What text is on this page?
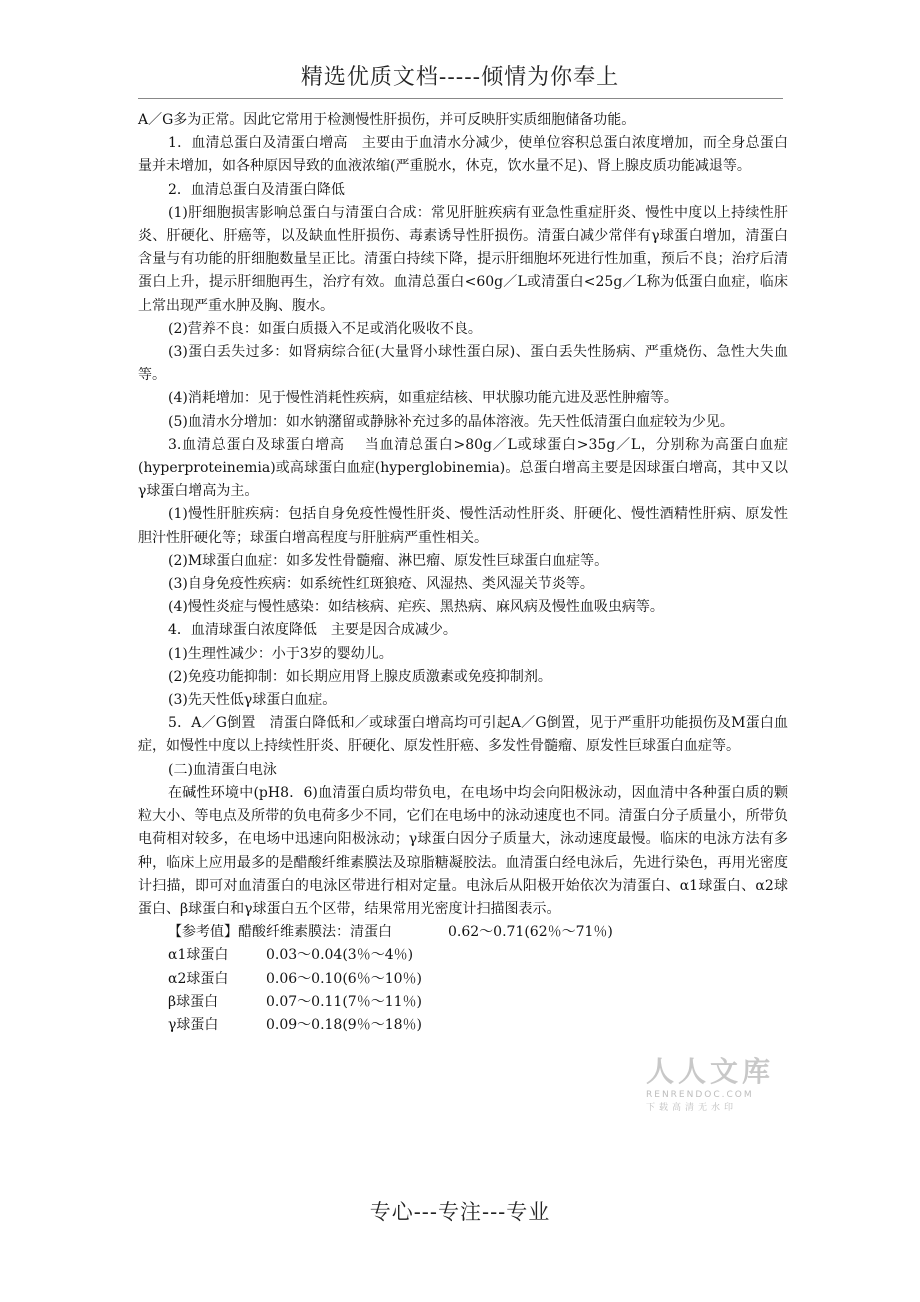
精选优质文档-----倾情为你奉上

A／G多为正常。因此它常用于检测慢性肝损伤，并可反映肝实质细胞储备功能。

1．血清总蛋白及清蛋白增高　主要由于血清水分减少，使单位容积总蛋白浓度增加，而全身总蛋白量并未增加，如各种原因导致的血液浓缩(严重脱水，休克，饮水量不足)、肾上腺皮质功能减退等。

2．血清总蛋白及清蛋白降低

(1)肝细胞损害影响总蛋白与清蛋白合成：常见肝脏疾病有亚急性重症肝炎、慢性中度以上持续性肝炎、肝硬化、肝癌等，以及缺血性肝损伤、毒素诱导性肝损伤。清蛋白减少常伴有γ球蛋白增加，清蛋白含量与有功能的肝细胞数量呈正比。清蛋白持续下降，提示肝细胞坏死进行性加重，预后不良；治疗后清蛋白上升，提示肝细胞再生，治疗有效。血清总蛋白<60g／L或清蛋白<25g／L称为低蛋白血症，临床上常出现严重水肿及胸、腹水。

(2)营养不良：如蛋白质摄入不足或消化吸收不良。

(3)蛋白丢失过多：如肾病综合征(大量肾小球性蛋白尿)、蛋白丢失性肠病、严重烧伤、急性大失血等。

(4)消耗增加：见于慢性消耗性疾病，如重症结核、甲状腺功能亢进及恶性肿瘤等。

(5)血清水分增加：如水钠潴留或静脉补充过多的晶体溶液。先天性低清蛋白血症较为少见。

3.血清总蛋白及球蛋白增高　 当血清总蛋白>80g／L或球蛋白>35g／L，分别称为高蛋白血症(hyperproteinemia)或高球蛋白血症(hyperglobinemia)。总蛋白增高主要是因球蛋白增高，其中又以γ球蛋白增高为主。

(1)慢性肝脏疾病：包括自身免疫性慢性肝炎、慢性活动性肝炎、肝硬化、慢性酒精性肝病、原发性胆汁性肝硬化等；球蛋白增高程度与肝脏病严重性相关。

(2)M球蛋白血症：如多发性骨髓瘤、淋巴瘤、原发性巨球蛋白血症等。

(3)自身免疫性疾病：如系统性红斑狼疮、风湿热、类风湿关节炎等。

(4)慢性炎症与慢性感染：如结核病、疟疾、黑热病、麻风病及慢性血吸虫病等。

4．血清球蛋白浓度降低　主要是因合成减少。

(1)生理性减少：小于3岁的婴幼儿。

(2)免疫功能抑制：如长期应用肾上腺皮质激素或免疫抑制剂。

(3)先天性低γ球蛋白血症。

5．A／G倒置　清蛋白降低和／或球蛋白增高均可引起A／G倒置，见于严重肝功能损伤及M蛋白血症，如慢性中度以上持续性肝炎、肝硬化、原发性肝癌、多发性骨髓瘤、原发性巨球蛋白血症等。

(二)血清蛋白电泳

在碱性环境中(pH8．6)血清蛋白质均带负电，在电场中均会向阳极泳动，因血清中各种蛋白质的颗粒大小、等电点及所带的负电荷多少不同，它们在电场中的泳动速度也不同。清蛋白分子质量小，所带负电荷相对较多，在电场中迅速向阳极泳动；γ球蛋白因分子质量大，泳动速度最慢。临床的电泳方法有多种，临床上应用最多的是醋酸纤维素膜法及琼脂糖凝胶法。血清蛋白经电泳后，先进行染色，再用光密度计扫描，即可对血清蛋白的电泳区带进行相对定量。电泳后从阳极开始依次为清蛋白、α1球蛋白、α2球蛋白、β球蛋白和γ球蛋白五个区带，结果常用光密度计扫描图表示。

【参考值】醋酸纤维素膜法：清蛋白	0.62～0.71(62％～71％)

α1球蛋白	0.03～0.04(3％～4％)

α2球蛋白	0.06～0.10(6％～10％)

β球蛋白	0.07～0.11(7％～11％)

γ球蛋白	0.09～0.18(9％～18％)

人人文库
RENRENDOC.COM
下载高清无水印
专心---专注---专业
